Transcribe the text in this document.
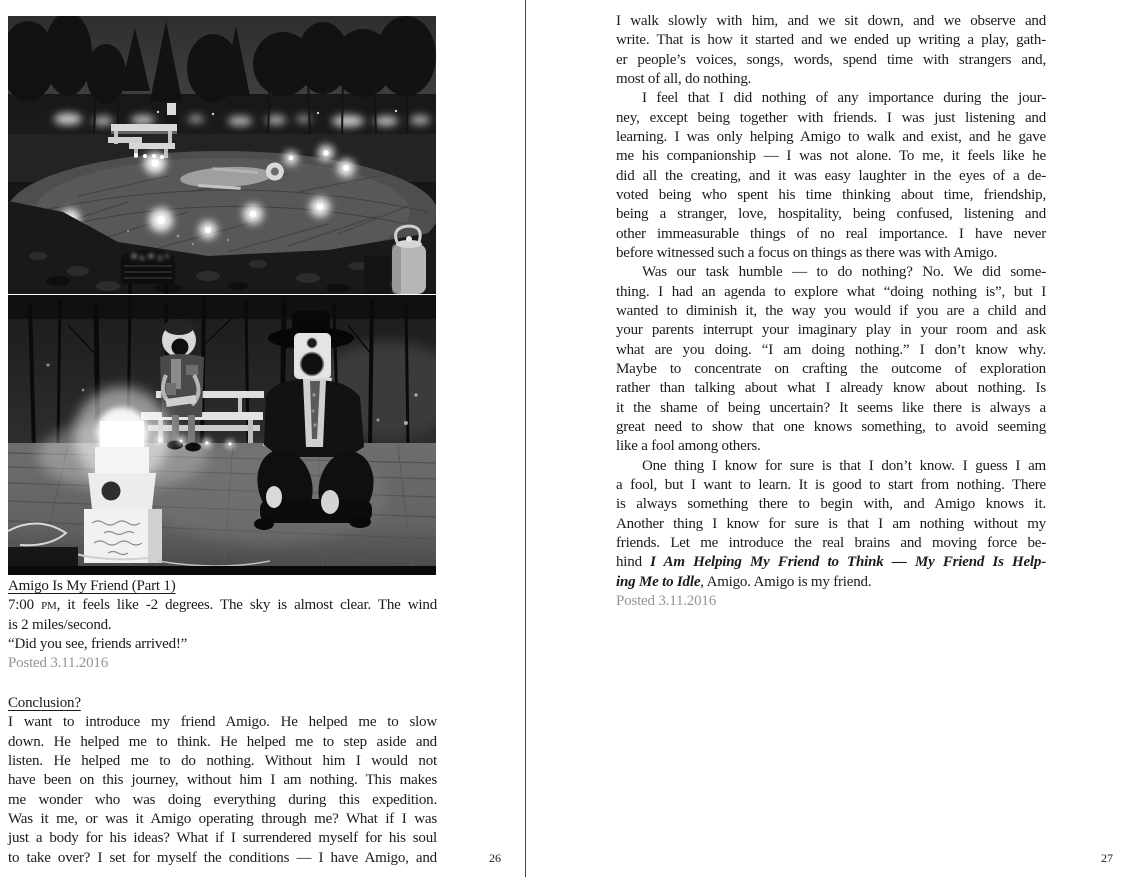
Amigo Is My Friend (Part 1)
7:00 pm, it feels like -2 degrees. The sky is almost clear. The wind
is 2 miles/second.
“Did you see, friends arrived!”
Posted 3.11.2016
Conclusion?
I want to introduce my friend Amigo. He helped me to slow
down. He helped me to think. He helped me to step aside and
listen. He helped me to do nothing. Without him I would not
have been on this journey, without him I am nothing. This makes
me wonder who was doing everything during this expedition.
Was it me, or was it Amigo operating through me? What if I was
just a body for his ideas? What if I surrendered myself for his soul
to take over? I set for myself the conditions — I have Amigo, and
I walk slowly with him, and we sit down, and we observe and
write. That is how it started and we ended up writing a play, gath-
er people’s voices, songs, words, spend time with strangers and,
most of all, do nothing.
I feel that I did nothing of any importance during the jour-
ney, except being together with friends. I was just listening and
learning. I was only helping Amigo to walk and exist, and he gave
me his companionship — I was not alone. To me, it feels like he
did all the creating, and it was easy laughter in the eyes of a de-
voted being who spent his time thinking about time, friendship,
being a stranger, love, hospitality, being confused, listening and
other immeasurable things of no real importance. I have never
before witnessed such a focus on things as there was with Amigo.
Was our task humble — to do nothing? No. We did some-
thing. I had an agenda to explore what “doing nothing is”, but I
wanted to diminish it, the way you would if you are a child and
your parents interrupt your imaginary play in your room and ask
what are you doing. “I am doing nothing.” I don’t know why.
Maybe to concentrate on crafting the outcome of exploration
rather than talking about what I already know about nothing. Is
it the shame of being uncertain? It seems like there is always a
great need to show that one knows something, to avoid seeming
like a fool among others.
One thing I know for sure is that I don’t know. I guess I am
a fool, but I want to learn. It is good to start from nothing. There
is always something there to begin with, and Amigo knows it.
Another thing I know for sure is that I am nothing without my
friends. Let me introduce the real brains and moving force be-
hind I Am Helping My Friend to Think — My Friend Is Help-
ing Me to Idle, Amigo. Amigo is my friend.
Posted 3.11.2016
26	27
